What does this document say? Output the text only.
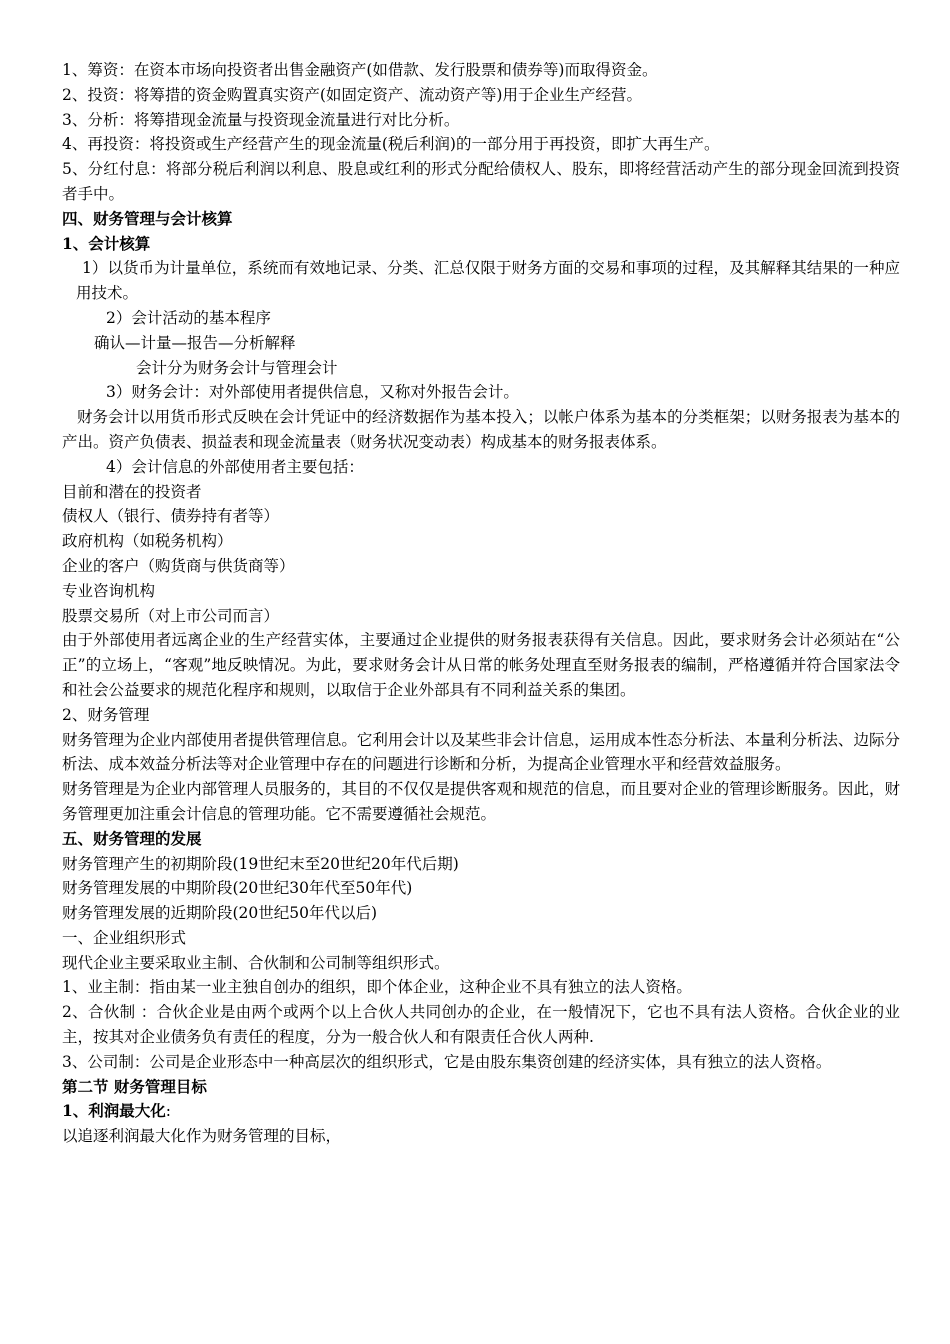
1、筹资：在资本市场向投资者出售金融资产(如借款、发行股票和债券等)而取得资金。

2、投资：将筹措的资金购置真实资产(如固定资产、流动资产等)用于企业生产经营。

3、分析：将筹措现金流量与投资现金流量进行对比分析。

4、再投资：将投资或生产经营产生的现金流量(税后利润)的一部分用于再投资，即扩大再生产。

5、分红付息：将部分税后利润以利息、股息或红利的形式分配给债权人、股东，即将经营活动产生的部分现金回流到投资者手中。

四、财务管理与会计核算

1、会计核算

1）以货币为计量单位，系统而有效地记录、分类、汇总仅限于财务方面的交易和事项的过程，及其解释其结果的一种应用技术。

2）会计活动的基本程序

确认—计量—报告—分析解释

会计分为财务会计与管理会计

3）财务会计：对外部使用者提供信息，又称对外报告会计。

财务会计以用货币形式反映在会计凭证中的经济数据作为基本投入；以帐户体系为基本的分类框架；以财务报表为基本的产出。资产负债表、损益表和现金流量表（财务状况变动表）构成基本的财务报表体系。

4）会计信息的外部使用者主要包括：

目前和潜在的投资者

债权人（银行、债券持有者等）

政府机构（如税务机构）

企业的客户（购货商与供货商等）

专业咨询机构

股票交易所（对上市公司而言）

由于外部使用者远离企业的生产经营实体，主要通过企业提供的财务报表获得有关信息。因此，要求财务会计必须站在“公正”的立场上，“客观”地反映情况。为此，要求财务会计从日常的帐务处理直至财务报表的编制，严格遵循并符合国家法令和社会公益要求的规范化程序和规则，以取信于企业外部具有不同利益关系的集团。

2、财务管理

财务管理为企业内部使用者提供管理信息。它利用会计以及某些非会计信息，运用成本性态分析法、本量利分析法、边际分析法、成本效益分析法等对企业管理中存在的问题进行诊断和分析，为提高企业管理水平和经营效益服务。

财务管理是为企业内部管理人员服务的，其目的不仅仅是提供客观和规范的信息，而且要对企业的管理诊断服务。因此，财务管理更加注重会计信息的管理功能。它不需要遵循社会规范。

五、财务管理的发展

财务管理产生的初期阶段(19世纪末至20世纪20年代后期)

财务管理发展的中期阶段(20世纪30年代至50年代)

财务管理发展的近期阶段(20世纪50年代以后)

一、企业组织形式

现代企业主要采取业主制、合伙制和公司制等组织形式。

1、业主制：指由某一业主独自创办的组织，即个体企业，这种企业不具有独立的法人资格。

2、合伙制 ：合伙企业是由两个或两个以上合伙人共同创办的企业，在一般情况下，它也不具有法人资格。合伙企业的业主，按其对企业债务负有责任的程度，分为一般合伙人和有限责任合伙人两种.

3、公司制：公司是企业形态中一种高层次的组织形式，它是由股东集资创建的经济实体，具有独立的法人资格。

第二节 财务管理目标

1、利润最大化:

以追逐利润最大化作为财务管理的目标，
